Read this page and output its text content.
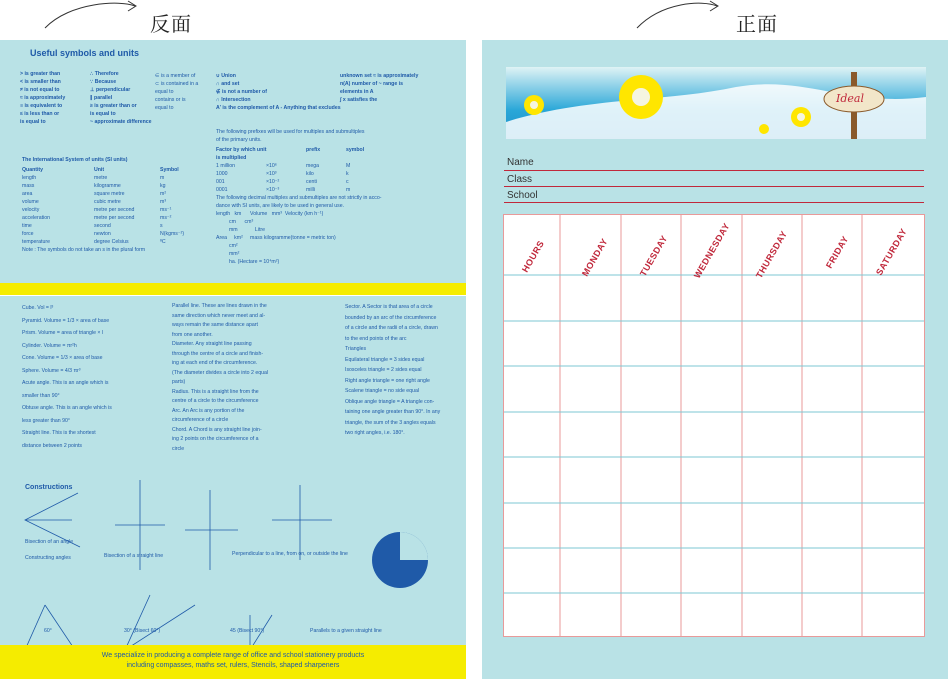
反面	正面
Useful symbols and units
> is greater than
< is smaller than
≠ is not equal to
≈ is approximately
≡ is equivalent to
≤ is less than or
is equal to
∴ Therefore
∵ Because
⊥ perpendicular
∥ parallel
≥ is greater than or
is equal to
~ approximate difference
∈ is a member of
⊂ is contained in a
equal to
contains or is
equal to
∪ Union
∩ and set
∉ is not a number of
∩ Intersection
A' is the complement of A - Anything that excludes
unknown set ≈ is approximately
n(A) number of ~ range is
elements in A
∫ x satisfies the
The International System of units (SI units)
Quantity	Unit	Symbol
length	metre	m
mass	kilogramme	kg
area	square metre	m²
volume	cubic metre	m³
velocity	metre per second	ms⁻¹
acceleration	metre per second	ms⁻²
time	second	s
force	newton	N(kgms⁻²)
temperature	degree Celsius	ºC
Note : The symbols do not take an s in the plural form
The following prefixes will be used for multiples and submultiples
of the primary units.
Factor by which unit	prefix	symbol
is multiplied
1 million	×10⁶	mega	M
1000	×10³	kilo	k
001	×10⁻²	centi	c
0001	×10⁻³	milli	m
The following decimal multiples and submultiples are not strictly in acco-
dance with SI units, are likely to be used in general use.
length   km      Volume   mm³  Velocity (km h⁻¹)
cm      cm³
mm            Litre
Area     km²     mass kilogramme(tonne = metric ton)
cm²
mm²
ha. (Hectare = 10⁴m²)
Cube. Vol = l³
Pyramid. Volume = 1/3 × area of base
Prism. Volume = area of triangle × l
Cylinder. Volume = πr²h
Cone. Volume = 1/3 × area of base
Sphere. Volume = 4/3 πr³
Acute angle. This is an angle which is
smaller than 90°
Obtuse angle. This is an angle which is
less greater than 90°
Straight line. This is the shortest
distance between 2 points
Parallel line. These are lines drawn in the
same direction which never meet and al-
ways remain the same distance apart
from one another.
Diameter. Any straight line passing
through the centre of a circle and finish-
ing at each end of the circumference.
(The diameter divides a circle into 2 equal
parts)
Radius. This is a straight line from the
centre of a circle to the circumference
Arc. An Arc is any portion of the
circumference of a circle
Chord. A Chord is any straight line join-
ing 2 points on the circumference of a
circle
Sector. A Sector is that area of a circle
bounded by an arc of the circumference
of a circle and the radii of a circle, drawn
to the end points of the arc
Triangles
Equilateral triangle = 3 sides equal
Isosceles triangle = 2 sides equal
Right angle triangle = one right angle
Scalene triangle = no side equal
Oblique angle triangle = A triangle con-
taining one angle greater than 90°. In any
triangle, the sum of the 3 angles equals
two right angles, i.e. 180°.
Constructions
Bisection of an angle
Bisection of a straight line	Perpendicular to a line, from on, or outside the line
Constructing angles
60°	30° (Bisect 60°)	45 (Bisect 90°)	Parallels to a given straight line
We specialize in producing a complete range of office and school stationery products
including compasses, maths set, rulers, Stencils, shaped sharpeners
Ideal
Name
Class
School
HOURS	MONDAY	TUESDAY WEDNESDAY THURSDAY	FRIDAY	SATURDAY
